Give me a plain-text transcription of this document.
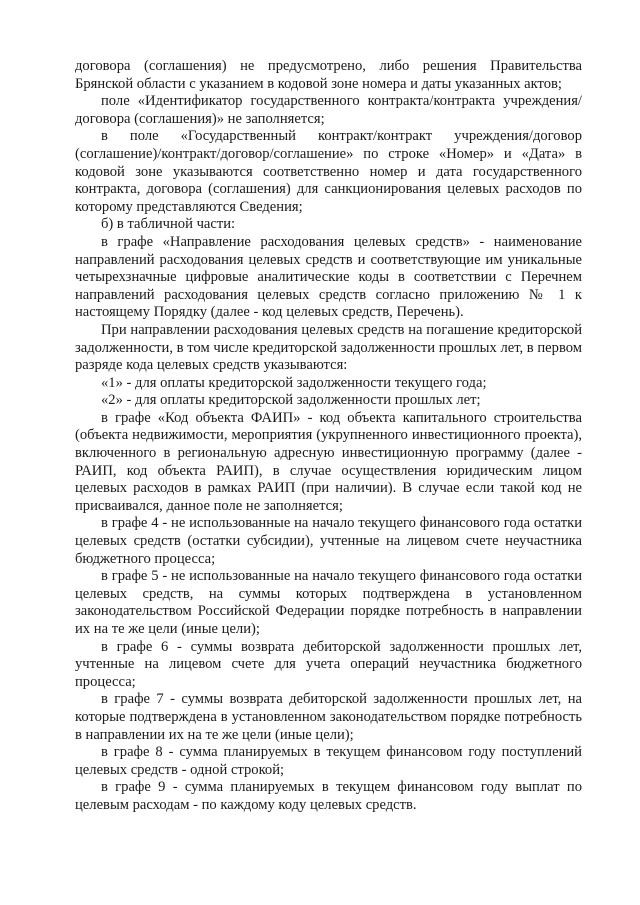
договора (соглашения) не предусмотрено, либо решения Правительства Брянской области с указанием в кодовой зоне номера и даты указанных актов;

поле «Идентификатор государственного контракта/контракта учреждения/договора (соглашения)» не заполняется;

в поле «Государственный контракт/контракт учреждения/договор (соглашение)/контракт/договор/соглашение» по строке «Номер» и «Дата» в кодовой зоне указываются соответственно номер и дата государственного контракта, договора (соглашения) для санкционирования целевых расходов по которому представляются Сведения;

б) в табличной части:

в графе «Направление расходования целевых средств» - наименование направлений расходования целевых средств и соответствующие им уникальные четырехзначные цифровые аналитические коды в соответствии с Перечнем направлений расходования целевых средств согласно приложению № 1 к настоящему Порядку (далее - код целевых средств, Перечень).

При направлении расходования целевых средств на погашение кредиторской задолженности, в том числе кредиторской задолженности прошлых лет, в первом разряде кода целевых средств указываются:

«1» - для оплаты кредиторской задолженности текущего года;

«2» - для оплаты кредиторской задолженности прошлых лет;

в графе «Код объекта ФАИП» - код объекта капитального строительства (объекта недвижимости, мероприятия (укрупненного инвестиционного проекта), включенного в региональную адресную инвестиционную программу (далее - РАИП, код объекта РАИП), в случае осуществления юридическим лицом целевых расходов в рамках РАИП (при наличии). В случае если такой код не присваивался, данное поле не заполняется;

в графе 4 - не использованные на начало текущего финансового года остатки целевых средств (остатки субсидии), учтенные на лицевом счете неучастника бюджетного процесса;

в графе 5 - не использованные на начало текущего финансового года остатки целевых средств, на суммы которых подтверждена в установленном законодательством Российской Федерации порядке потребность в направлении их на те же цели (иные цели);

в графе 6 - суммы возврата дебиторской задолженности прошлых лет, учтенные на лицевом счете для учета операций неучастника бюджетного процесса;

в графе 7 - суммы возврата дебиторской задолженности прошлых лет, на которые подтверждена в установленном законодательством порядке потребность в направлении их на те же цели (иные цели);

в графе 8 - сумма планируемых в текущем финансовом году поступлений целевых средств - одной строкой;

в графе 9 - сумма планируемых в текущем финансовом году выплат по целевым расходам - по каждому коду целевых средств.
